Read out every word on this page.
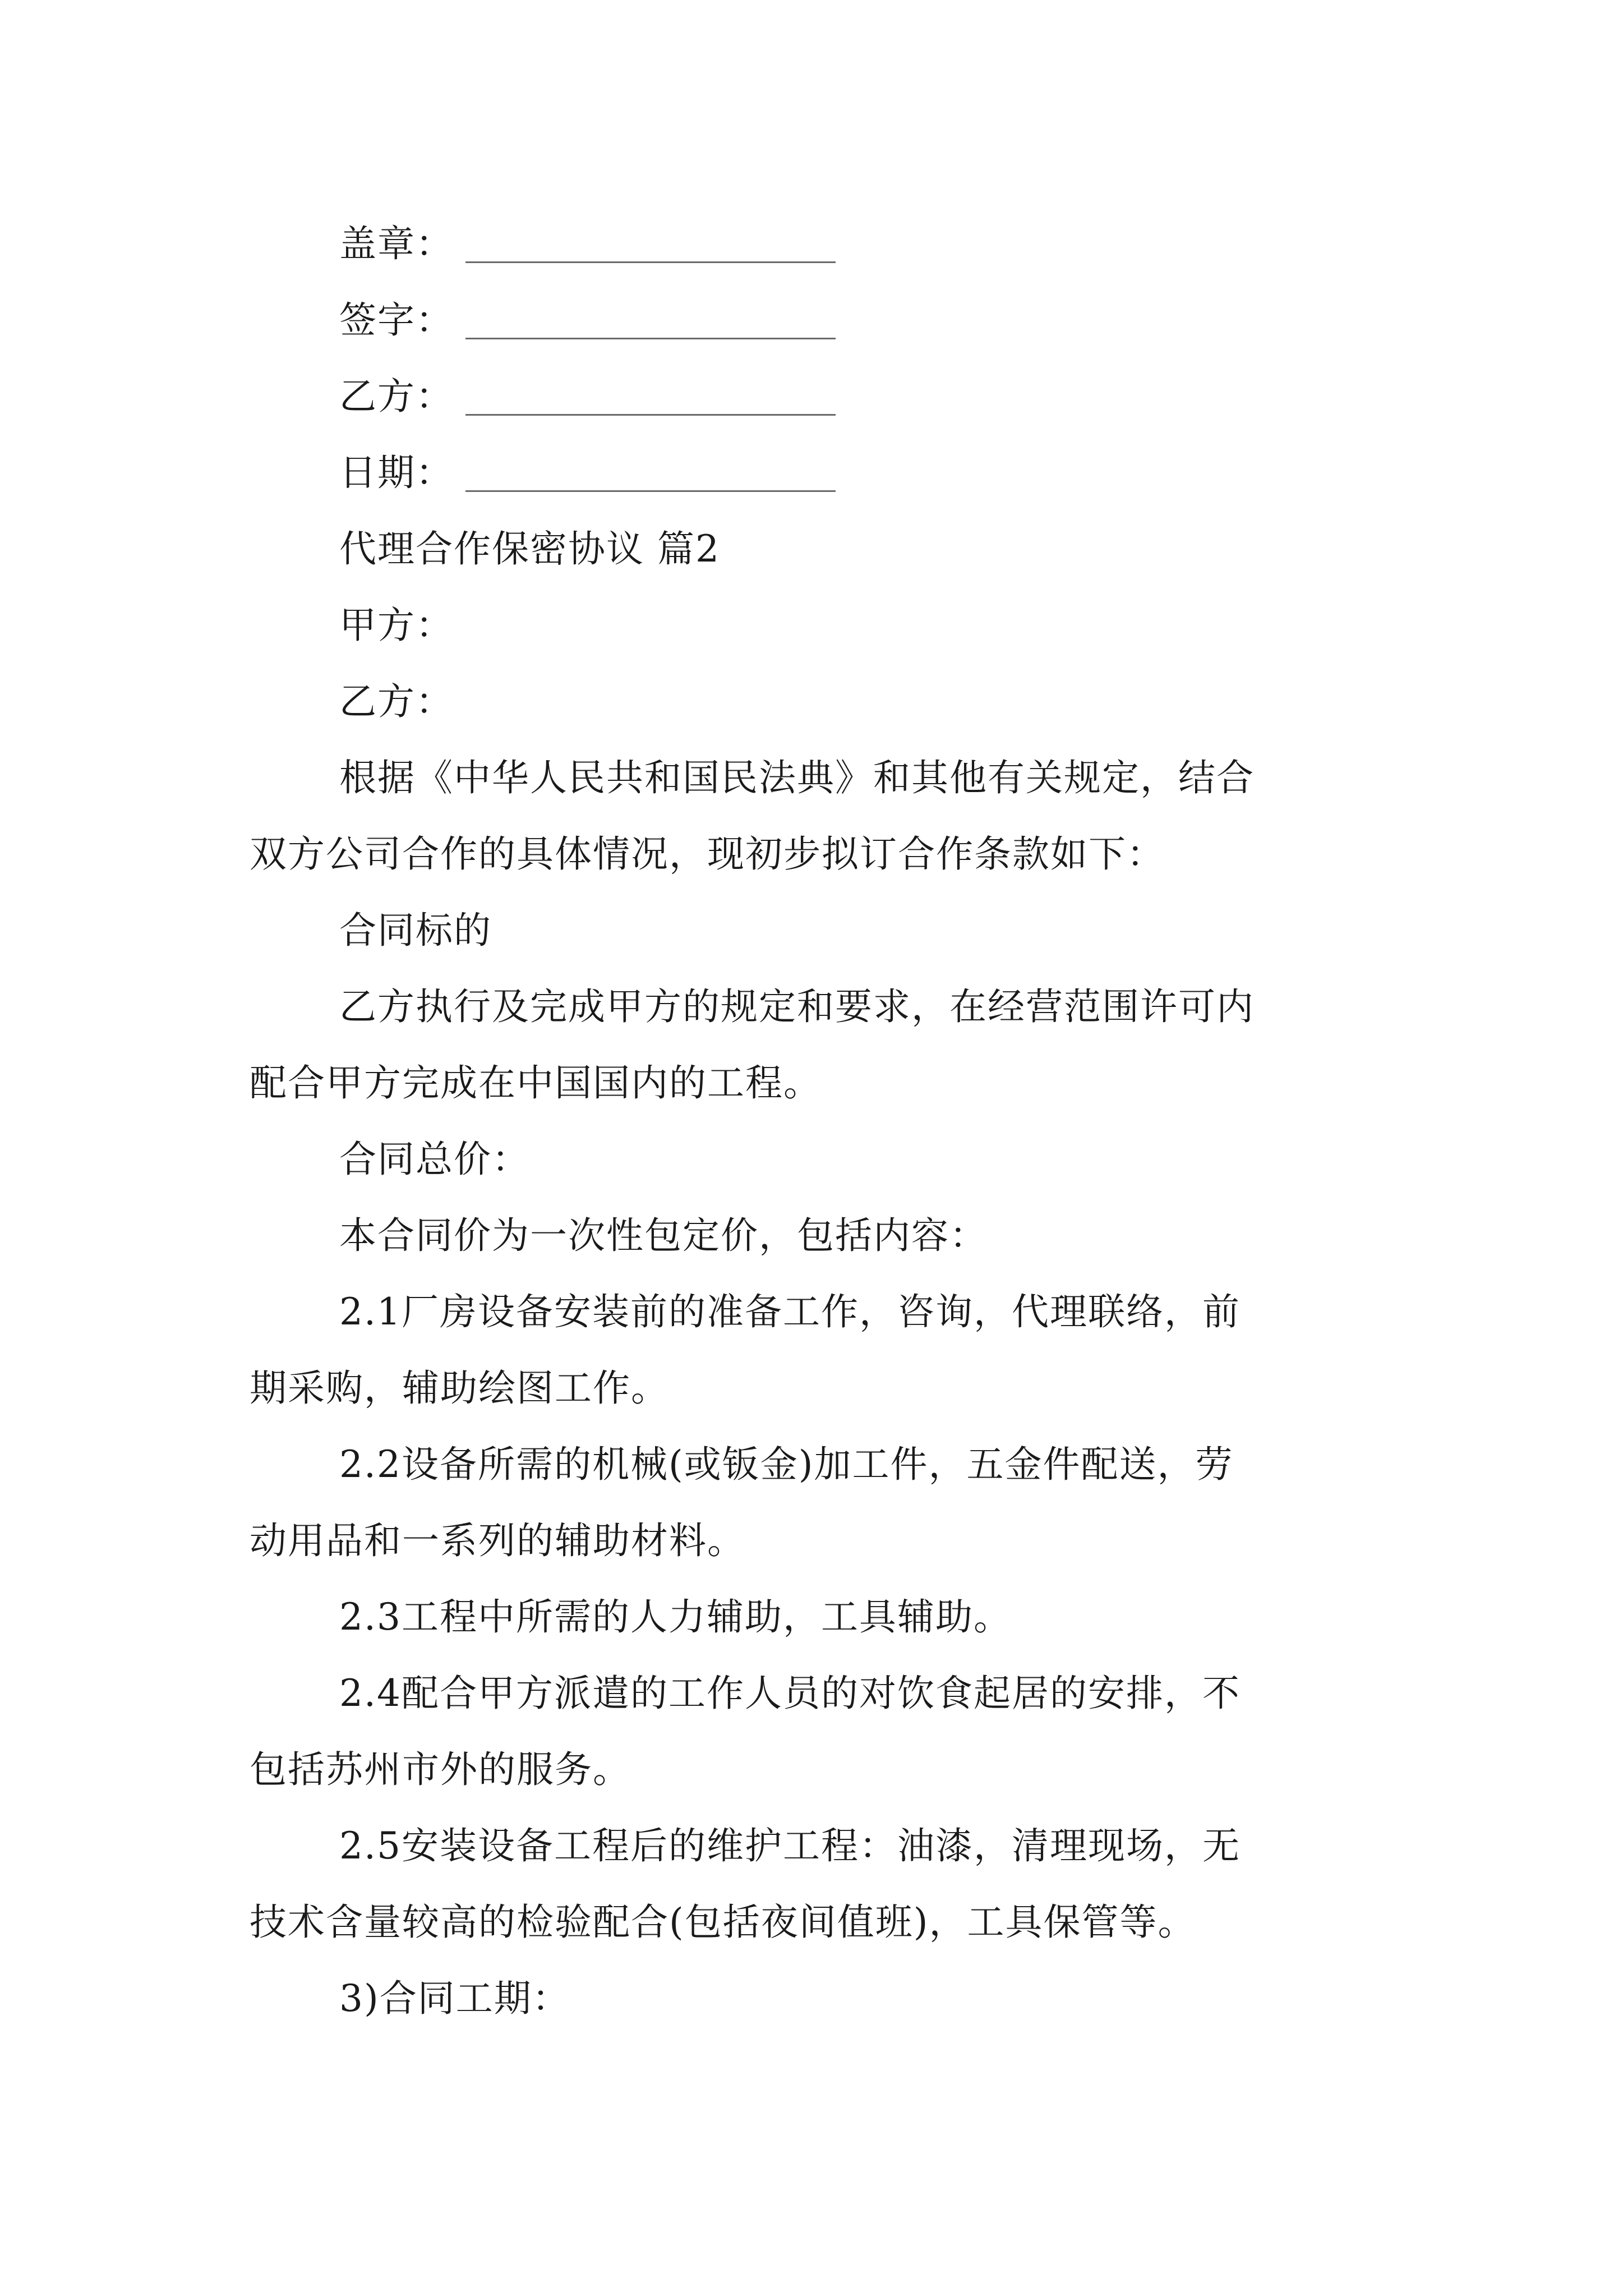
盖章：
签字：
乙方：
日期：
代理合作保密协议 篇2
甲方：
乙方：
根据《中华人民共和国民法典》和其他有关规定，结合
双方公司合作的具体情况，现初步拟订合作条款如下：
合同标的
乙方执行及完成甲方的规定和要求，在经营范围许可内
配合甲方完成在中国国内的工程。
合同总价：
本合同价为一次性包定价，包括内容：
2.1厂房设备安装前的准备工作，咨询，代理联络，前
期采购，辅助绘图工作。
2.2设备所需的机械(或钣金)加工件，五金件配送，劳
动用品和一系列的辅助材料。
2.3工程中所需的人力辅助，工具辅助。
2.4配合甲方派遣的工作人员的对饮食起居的安排，不
包括苏州市外的服务。
2.5安装设备工程后的维护工程：油漆，清理现场，无
技术含量较高的检验配合(包括夜间值班)，工具保管等。
3)合同工期：
